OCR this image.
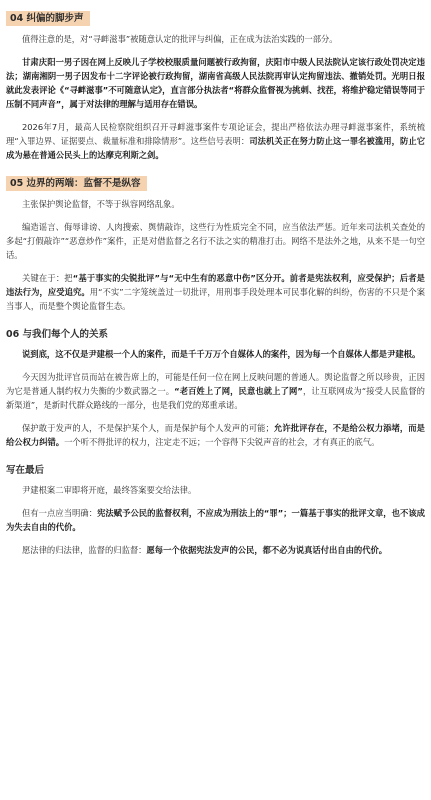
04 纠偏的脚步声

值得注意的是，对“寻衅滋事”被随意认定的批评与纠偏，正在成为法治实践的一部分。

甘肃庆阳一男子因在网上反映儿子学校校服质量问题被行政拘留，庆阳市中级人民法院认定该行政处罚决定违法；湖南湘阴一男子因发布十二字评论被行政拘留，湖南省高级人民法院再审认定拘留违法、撤销处罚。光明日报就此发表评论《“寻衅滋事”不可随意认定》，直言部分执法者“将群众监督视为挑刺、找茬，将维护稳定错误等同于压制不同声音”，属于对法律的理解与适用存在错误。

2026年7月，最高人民检察院组织召开寻衅滋事案件专项论证会，提出严格依法办理寻衅滋事案件，系统梳理“入罪边界、证据要点、裁量标准和排除情形”。这些信号表明：司法机关正在努力防止这一罪名被滥用，防止它成为悬在普通公民头上的达摩克利斯之剑。

05 边界的两端：监督不是纵容

主张保护舆论监督，不等于纵容网络乱象。

编造谣言、侮辱诽谤、人肉搜索、舆情敲诈，这些行为性质完全不同，应当依法严惩。近年来司法机关查处的多起“打假敲诈”“恶意炒作”案件，正是对借监督之名行不法之实的精准打击。网络不是法外之地，从来不是一句空话。

关键在于：把“基于事实的尖锐批评”与“无中生有的恶意中伤”区分开。前者是宪法权利，应受保护；后者是违法行为，应受追究。用“不实”二字笼统盖过一切批评，用刑事手段处理本可民事化解的纠纷，伤害的不只是个案当事人，而是整个舆论监督生态。

06 与我们每个人的关系

说到底，这不仅是尹建根一个人的案件，而是千千万万个自媒体人的案件，因为每一个自媒体人都是尹建根。

今天因为批评官员而站在被告席上的，可能是任何一位在网上反映问题的普通人。舆论监督之所以珍贵，正因为它是普通人制约权力失衡的少数武器之一。“老百姓上了网，民意也就上了网”，让互联网成为“接受人民监督的新渠道”，是新时代群众路线的一部分，也是我们党的郑重承诺。

保护敢于发声的人，不是保护某个人，而是保护每个人发声的可能；允许批评存在，不是给公权力添堵，而是给公权力纠错。一个听不得批评的权力，注定走不远；一个容得下尖锐声音的社会，才有真正的底气。

写在最后

尹建根案二审即将开庭，最终答案要交给法律。

但有一点应当明确：宪法赋予公民的监督权利，不应成为刑法上的“罪”；一篇基于事实的批评文章，也不该成为失去自由的代价。

愿法律的归法律，监督的归监督：愿每一个依据宪法发声的公民，都不必为说真话付出自由的代价。
